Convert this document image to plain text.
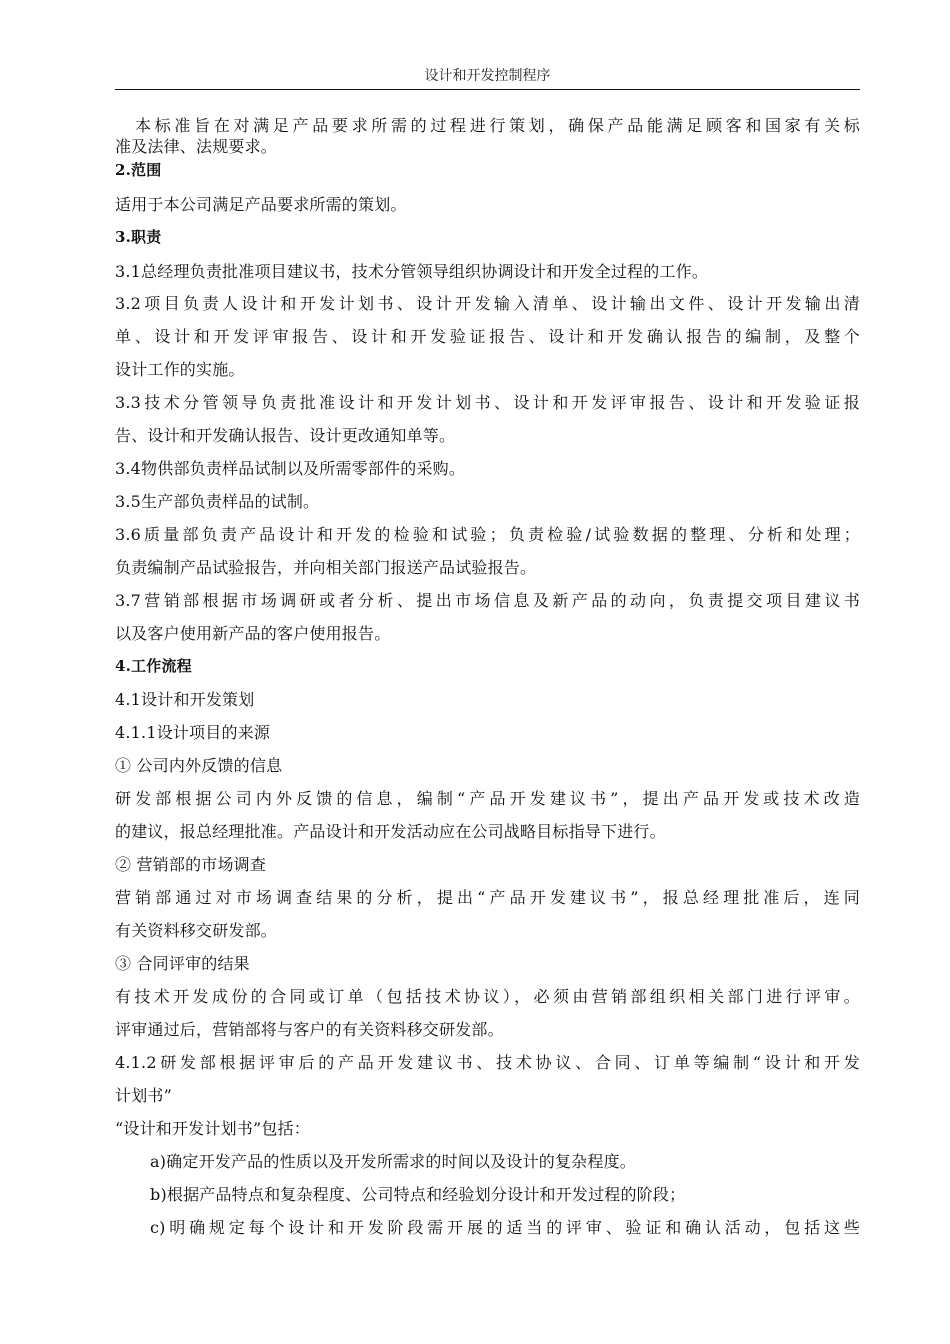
设计和开发控制程序
本标准旨在对满足产品要求所需的过程进行策划，确保产品能满足顾客和国家有关标
准及法律、法规要求。
2.范围
适用于本公司满足产品要求所需的策划。
3.职责
3.1总经理负责批准项目建议书，技术分管领导组织协调设计和开发全过程的工作。
3.2项目负责人设计和开发计划书、设计开发输入清单、设计输出文件、设计开发输出清
单、设计和开发评审报告、设计和开发验证报告、设计和开发确认报告的编制，及整个
设计工作的实施。
3.3技术分管领导负责批准设计和开发计划书、设计和开发评审报告、设计和开发验证报
告、设计和开发确认报告、设计更改通知单等。
3.4物供部负责样品试制以及所需零部件的采购。
3.5生产部负责样品的试制。
3.6质量部负责产品设计和开发的检验和试验；负责检验/试验数据的整理、分析和处理；
负责编制产品试验报告，并向相关部门报送产品试验报告。
3.7营销部根据市场调研或者分析、提出市场信息及新产品的动向，负责提交项目建议书
以及客户使用新产品的客户使用报告。
4.工作流程
4.1设计和开发策划
4.1.1设计项目的来源
① 公司内外反馈的信息
研发部根据公司内外反馈的信息，编制“产品开发建议书”，提出产品开发或技术改造
的建议，报总经理批准。产品设计和开发活动应在公司战略目标指导下进行。
② 营销部的市场调查
营销部通过对市场调查结果的分析，提出“产品开发建议书”，报总经理批准后，连同
有关资料移交研发部。
③ 合同评审的结果
有技术开发成份的合同或订单（包括技术协议），必须由营销部组织相关部门进行评审。
评审通过后，营销部将与客户的有关资料移交研发部。
4.1.2研发部根据评审后的产品开发建议书、技术协议、合同、订单等编制“设计和开发
计划书”
“设计和开发计划书”包括：
a)确定开发产品的性质以及开发所需求的时间以及设计的复杂程度。
b)根据产品特点和复杂程度、公司特点和经验划分设计和开发过程的阶段；
c)明确规定每个设计和开发阶段需开展的适当的评审、验证和确认活动，包括这些
